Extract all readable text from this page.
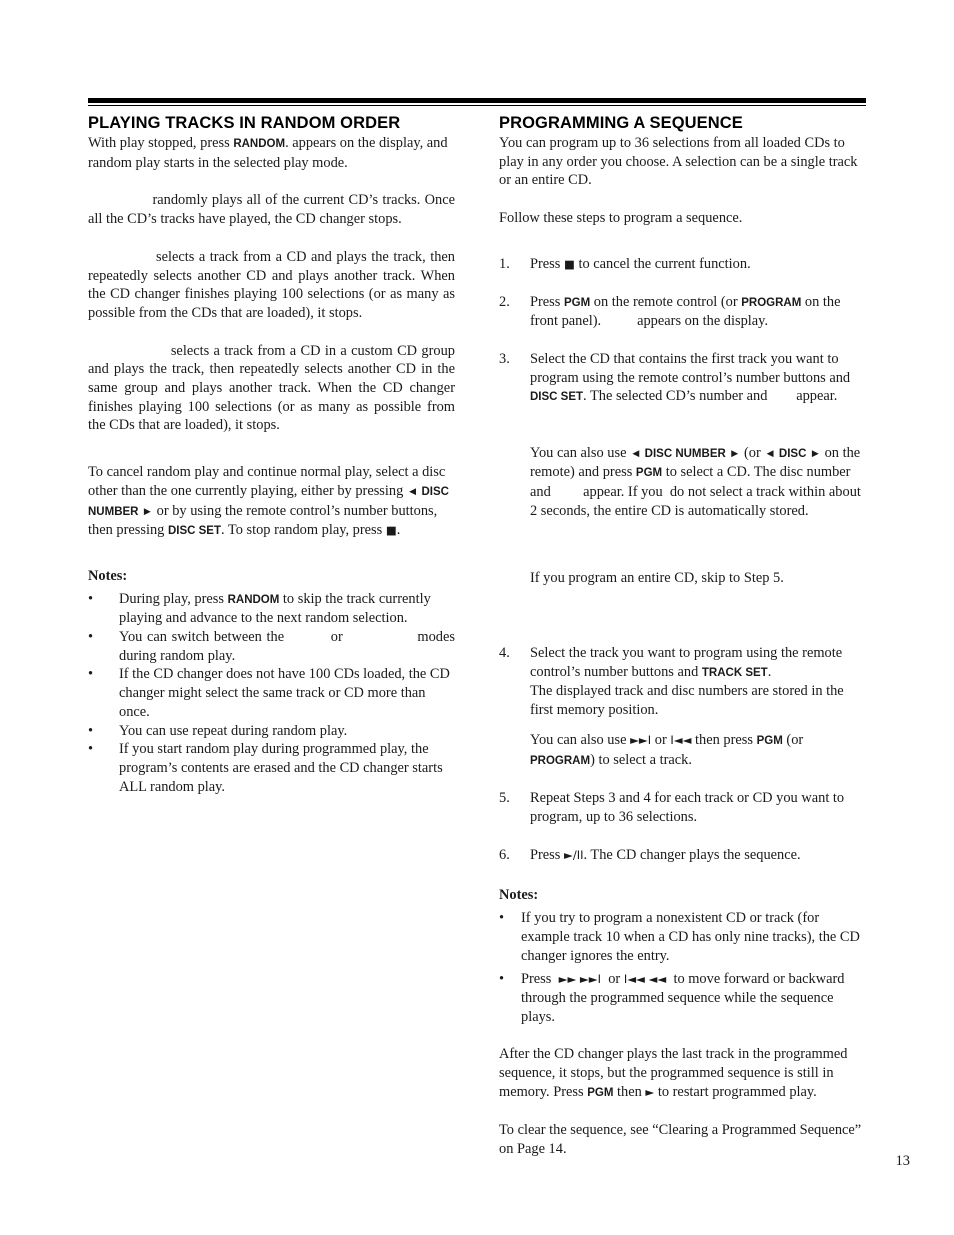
PLAYING TRACKS IN RANDOM ORDER

With play stopped, press RANDOM. appears on the display, and random play starts in the selected play mode.

randomly plays all of the current CD’s tracks. Once all the CD’s tracks have played, the CD changer stops.

selects a track from a CD and plays the track, then repeatedly selects another CD and plays another track. When the CD changer finishes playing 100 selections (or as many as possible from the CDs that are loaded), it stops.

selects a track from a CD in a custom CD group and plays the track, then repeatedly selects another CD in the same group and plays another track. When the CD changer finishes playing 100 selections (or as many as possible from the CDs that are loaded), it stops.

To cancel random play and continue normal play, select a disc other than the one currently playing, either by pressing ◄ DISC NUMBER ► or by using the remote control’s number buttons, then pressing DISC SET. To stop random play, press ■.

Notes:

• During play, press RANDOM to skip the track currently playing and advance to the next random selection.
• You can switch between the          or                modes during random play.
• If the CD changer does not have 100 CDs loaded, the CD changer might select the same track or CD more than once.
• You can use repeat during random play.
• If you start random play during programmed play, the program’s contents are erased and the CD changer starts ALL random play.
PROGRAMMING A SEQUENCE

You can program up to 36 selections from all loaded CDs to play in any order you choose. A selection can be a single track or an entire CD.

Follow these steps to program a sequence.

1. Press ■ to cancel the current function.
2. Press PGM on the remote control (or PROGRAM on the front panel).          appears on the display.
3. Select the CD that contains the first track you want to program using the remote control’s number buttons and DISC SET. The selected CD’s number and        appear.

You can also use ◄ DISC NUMBER ► (or ◄ DISC ► on the remote) and press PGM to select a CD. The disc number and         appear. If you  do not select a track within about 2 seconds, the entire CD is automatically stored.

If you program an entire CD, skip to Step 5.

4. Select the track you want to program using the remote control’s number buttons and TRACK SET.
The displayed track and disc numbers are stored in the first memory position.
You can also use ►►I or I◄◄ then press PGM (or PROGRAM) to select a track.
5. Repeat Steps 3 and 4 for each track or CD you want to program, up to 36 selections.
6. Press ►/II. The CD changer plays the sequence.

Notes:

• If you try to program a nonexistent CD or track (for example track 10 when a CD has only nine tracks), the CD changer ignores the entry.
• Press  ►► ►►I  or I◄◄ ◄◄  to move forward or backward through the programmed sequence while the sequence plays.

After the CD changer plays the last track in the programmed sequence, it stops, but the programmed sequence is still in memory. Press PGM then ► to restart programmed play.

To clear the sequence, see “Clearing a Programmed Sequence” on Page 14.

13
